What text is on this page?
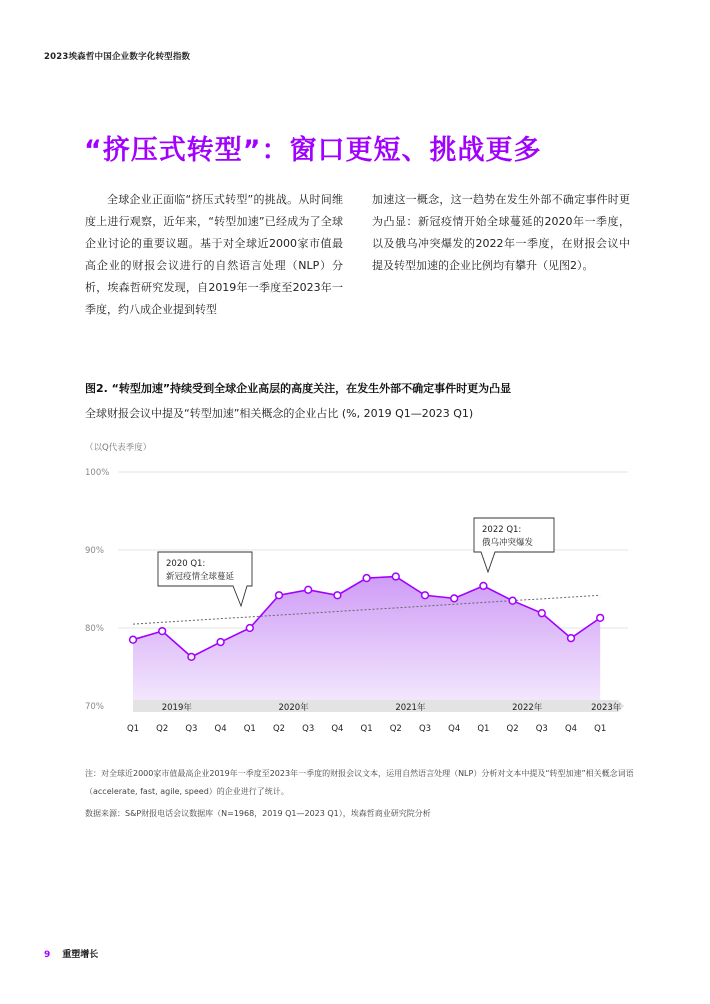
2023埃森哲中国企业数字化转型指数
“挤压式转型”：窗口更短、挑战更多
全球企业正面临“挤压式转型”的挑战。从时间维度上进行观察，近年来，“转型加速”已经成为了全球企业讨论的重要议题。基于对全球近2000家市值最高企业的财报会议进行的自然语言处理（NLP）分析，埃森哲研究发现，自2019年一季度至2023年一季度，约八成企业提到转型
加速这一概念，这一趋势在发生外部不确定事件时更为凸显：新冠疫情开始全球蔓延的2020年一季度，以及俄乌冲突爆发的2022年一季度，在财报会议中提及转型加速的企业比例均有攀升（见图2）。
图2. “转型加速”持续受到全球企业高层的高度关注，在发生外部不确定事件时更为凸显
全球财报会议中提及“转型加速”相关概念的企业占比 (%, 2019 Q1—2023 Q1)
（以Q代表季度）
100%
90%
80%
70%	2019年	2020年	2021年	2022年	2023年
Q1 Q2 Q3 Q4 Q1 Q2 Q3 Q4 Q1 Q2 Q3 Q4 Q1 Q2 Q3 Q4 Q1
2020 Q1:
新冠疫情全球蔓延
2022 Q1:
俄乌冲突爆发
注：对全球近2000家市值最高企业2019年一季度至2023年一季度的财报会议文本，运用自然语言处理（NLP）分析对文本中提及“转型加速”相关概念词语（accelerate, fast, agile, speed）的企业进行了统计。
数据来源：S&P财报电话会议数据库（N=1968，2019 Q1—2023 Q1），埃森哲商业研究院分析
9 重塑增长
